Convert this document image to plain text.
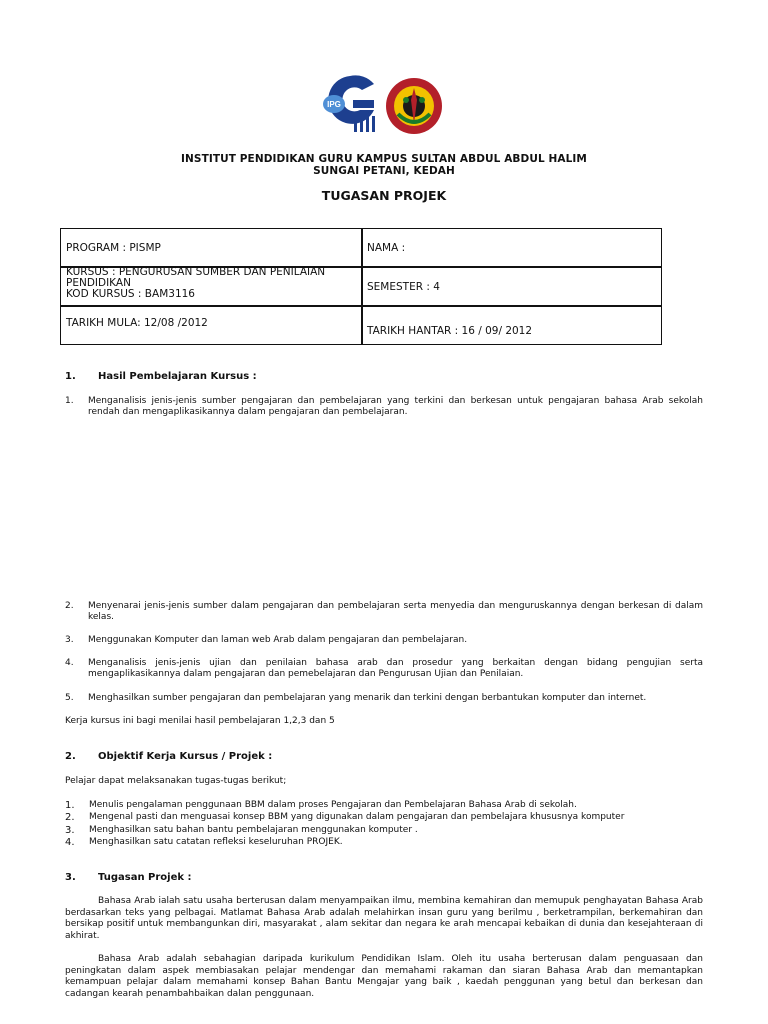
IPG
INSTITUT PENDIDIKAN GURU KAMPUS SULTAN ABDUL ABDUL HALIM
SUNGAI PETANI, KEDAH
TUGASAN PROJEK
PROGRAM : PISMP	NAMA :
KURSUS : PENGURUSAN SUMBER DAN PENILAIAN
PENDIDIKAN
KOD KURSUS : BAM3116
SEMESTER : 4
TARIKH MULA: 12/08 /2012
TARIKH HANTAR : 16 / 09/ 2012
1. Hasil Pembelajaran Kursus :
1. Menganalisis jenis-jenis sumber pengajaran dan pembelajaran yang terkini dan berkesan untuk pengajaran bahasa Arab sekolah rendah dan mengaplikasikannya dalam pengajaran dan pembelajaran.
2. Menyenarai jenis-jenis sumber dalam pengajaran dan pembelajaran serta menyedia dan menguruskannya dengan berkesan di dalam kelas.
3. Menggunakan Komputer dan laman web Arab dalam pengajaran dan pembelajaran.
4. Menganalisis jenis-jenis ujian dan penilaian bahasa arab dan prosedur yang berkaitan dengan bidang pengujian serta mengaplikasikannya dalam pengajaran dan pemebelajaran dan Pengurusan Ujian dan Penilaian.
5. Menghasilkan sumber pengajaran dan pembelajaran yang menarik dan terkini dengan berbantukan komputer dan internet.
Kerja kursus ini bagi menilai hasil pembelajaran 1,2,3 dan 5
2. Objektif Kerja Kursus / Projek :
Pelajar dapat melaksanakan tugas-tugas berikut;
1. Menulis pengalaman penggunaan BBM dalam proses Pengajaran dan Pembelajaran Bahasa Arab di sekolah.
2. Mengenal pasti dan menguasai konsep BBM yang digunakan dalam pengajaran dan pembelajara khususnya komputer
3. Menghasilkan satu bahan bantu pembelajaran menggunakan komputer .
4. Menghasilkan satu catatan refleksi keseluruhan PROJEK.
3. Tugasan Projek :
Bahasa Arab ialah satu usaha berterusan dalam menyampaikan ilmu, membina kemahiran dan memupuk penghayatan Bahasa Arab berdasarkan teks yang pelbagai. Matlamat Bahasa Arab adalah melahirkan insan guru yang berilmu , berketrampilan, berkemahiran dan bersikap positif untuk membangunkan diri, masyarakat , alam sekitar dan negara ke arah mencapai kebaikan di dunia dan kesejahteraan di akhirat.
Bahasa Arab adalah sebahagian daripada kurikulum Pendidikan Islam. Oleh itu usaha berterusan dalam penguasaan dan peningkatan dalam aspek membiasakan pelajar mendengar dan memahami rakaman dan siaran Bahasa Arab dan memantapkan kemampuan pelajar dalam memahami konsep Bahan Bantu Mengajar yang baik , kaedah penggunan yang betul dan berkesan dan cadangan kearah penambahbaikan dalan penggunaan.
